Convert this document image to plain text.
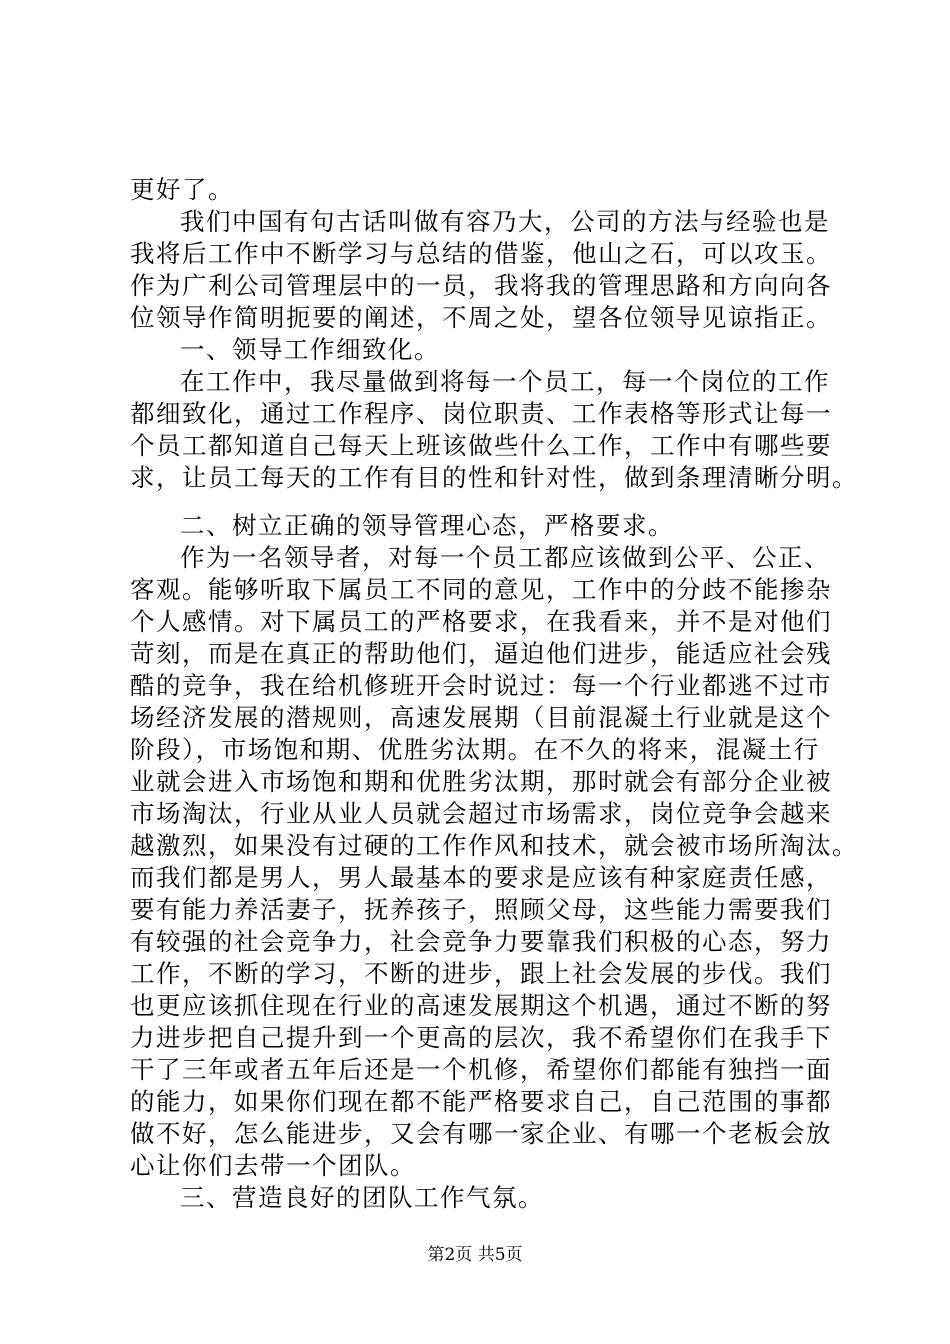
更好了。
我们中国有句古话叫做有容乃大，公司的方法与经验也是
我将后工作中不断学习与总结的借鉴，他山之石，可以攻玉。
作为广利公司管理层中的一员，我将我的管理思路和方向向各
位领导作简明扼要的阐述，不周之处，望各位领导见谅指正。
一、领导工作细致化。
在工作中，我尽量做到将每一个员工，每一个岗位的工作
都细致化，通过工作程序、岗位职责、工作表格等形式让每一
个员工都知道自己每天上班该做些什么工作，工作中有哪些要
求，让员工每天的工作有目的性和针对性，做到条理清晰分明。
二、树立正确的领导管理心态，严格要求。
作为一名领导者，对每一个员工都应该做到公平、公正、
客观。能够听取下属员工不同的意见，工作中的分歧不能掺杂
个人感情。对下属员工的严格要求，在我看来，并不是对他们
苛刻，而是在真正的帮助他们，逼迫他们进步，能适应社会残
酷的竞争，我在给机修班开会时说过：每一个行业都逃不过市
场经济发展的潜规则，高速发展期（目前混凝土行业就是这个
阶段），市场饱和期、优胜劣汰期。在不久的将来，混凝土行
业就会进入市场饱和期和优胜劣汰期，那时就会有部分企业被
市场淘汰，行业从业人员就会超过市场需求，岗位竞争会越来
越激烈，如果没有过硬的工作作风和技术，就会被市场所淘汰。
而我们都是男人，男人最基本的要求是应该有种家庭责任感，
要有能力养活妻子，抚养孩子，照顾父母，这些能力需要我们
有较强的社会竞争力，社会竞争力要靠我们积极的心态，努力
工作，不断的学习，不断的进步，跟上社会发展的步伐。我们
也更应该抓住现在行业的高速发展期这个机遇，通过不断的努
力进步把自己提升到一个更高的层次，我不希望你们在我手下
干了三年或者五年后还是一个机修，希望你们都能有独挡一面
的能力，如果你们现在都不能严格要求自己，自己范围的事都
做不好，怎么能进步，又会有哪一家企业、有哪一个老板会放
心让你们去带一个团队。
三、营造良好的团队工作气氛。
第2页 共5页
